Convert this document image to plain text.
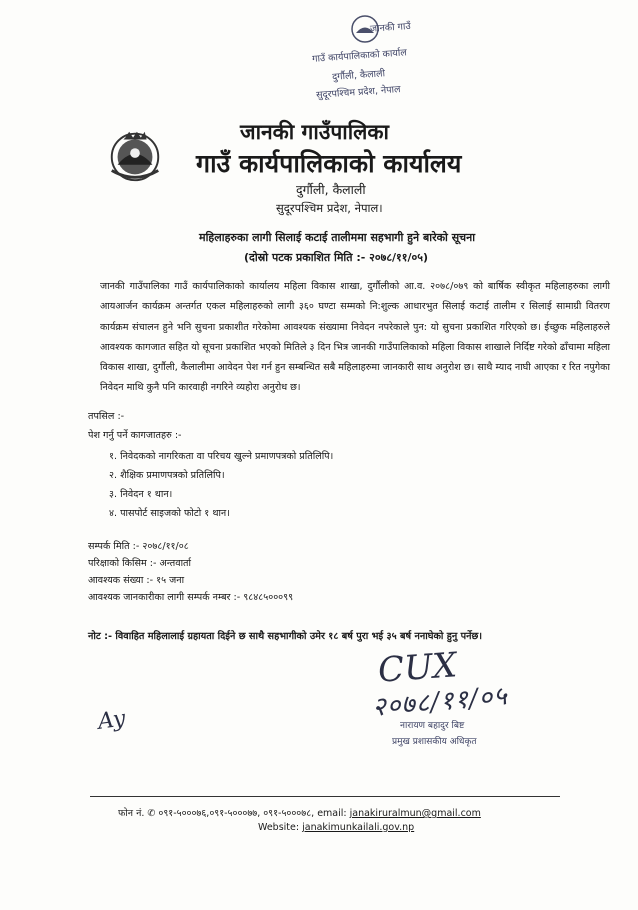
जानकी गाउँ
गाउँ कार्यपालिकाको कार्याल
दुर्गौली, कैलाली
सुदूरपश्चिम प्रदेश, नेपाल
जानकी गाउँपालिका
गाउँ कार्यपालिकाको कार्यालय
दुर्गौली, कैलाली
सुदूरपश्चिम प्रदेश, नेपाल।
महिलाहरुका लागी सिलाई कटाई तालीममा सहभागी हुने बारेको सूचना
(दोस्रो पटक प्रकाशित मिति :- २०७८/११/०५)

जानकी गाउँपालिका गाउँ कार्यपालिकाको कार्यालय महिला विकास शाखा, दुर्गौलीको आ.व. २०७८/०७९ को बार्षिक स्वीकृत महिलाहरुका लागी आयआर्जन कार्यक्रम अन्तर्गत एकल महिलाहरुको लागी ३६० घण्टा सम्मको नि:शुल्क आधारभुत सिलाई कटाई तालीम र सिलाई सामाग्री वितरण कार्यक्रम संचालन हुने भनि सुचना प्रकाशीत गरेकोमा आवश्यक संख्यामा निवेदन नपरेकाले पुन: यो सुचना प्रकाशित गरिएको छ। ईच्छुक महिलाहरुले आवश्यक कागजात सहित यो सूचना प्रकाशित भएको मितिले ३ दिन भित्र जानकी गाउँपालिकाको महिला विकास शाखाले निर्दिष्ट गरेको ढाँचामा महिला विकास शाखा, दुर्गौली, कैलालीमा आवेदन पेश गर्न हुन सम्बन्धित सबै महिलाहरुमा जानकारी साथ अनुरोश छ। साथै म्याद नाघी आएका र रित नपुगेका निवेदन माथि कुनै पनि कारवाही नगरिने व्यहोरा अनुरोध छ।

तपसिल :-
पेश गर्नु पर्ने कागजातहरु :-
१. निवेदकको नागरिकता वा परिचय खुल्ने प्रमाणपत्रको प्रतिलिपि।
२. शैक्षिक प्रमाणपत्रको प्रतिलिपि।
३. निवेदन १ थान।
४. पासपोर्ट साइजको फोटो १ थान।
सम्पर्क मिति :- २०७८/११/०८
परिक्षाको किसिम :- अन्तवार्ता
आवश्यक संख्या :- १५ जना
आवश्यक जानकारीका लागी सम्पर्क नम्बर :- ९८४८५०००९९
नोट :- विवाहित महिलालाई ग्रहायता दिईने छ साथै सहभागीको उमेर १८ बर्ष पुरा भई ३५ बर्ष ननाघेको हुनु पर्नेछ।
CUX
२०७८/११/०५
नारायण बहादुर बिष्ट
प्रमुख प्रशासकीय अधिकृत
Ay
फोन नं. ✆ ०९१-५०००७६,०९१-५०००७७, ०९१-५०००७८, email: janakiruralmun@gmail.com
Website: janakimunkailali.gov.np
